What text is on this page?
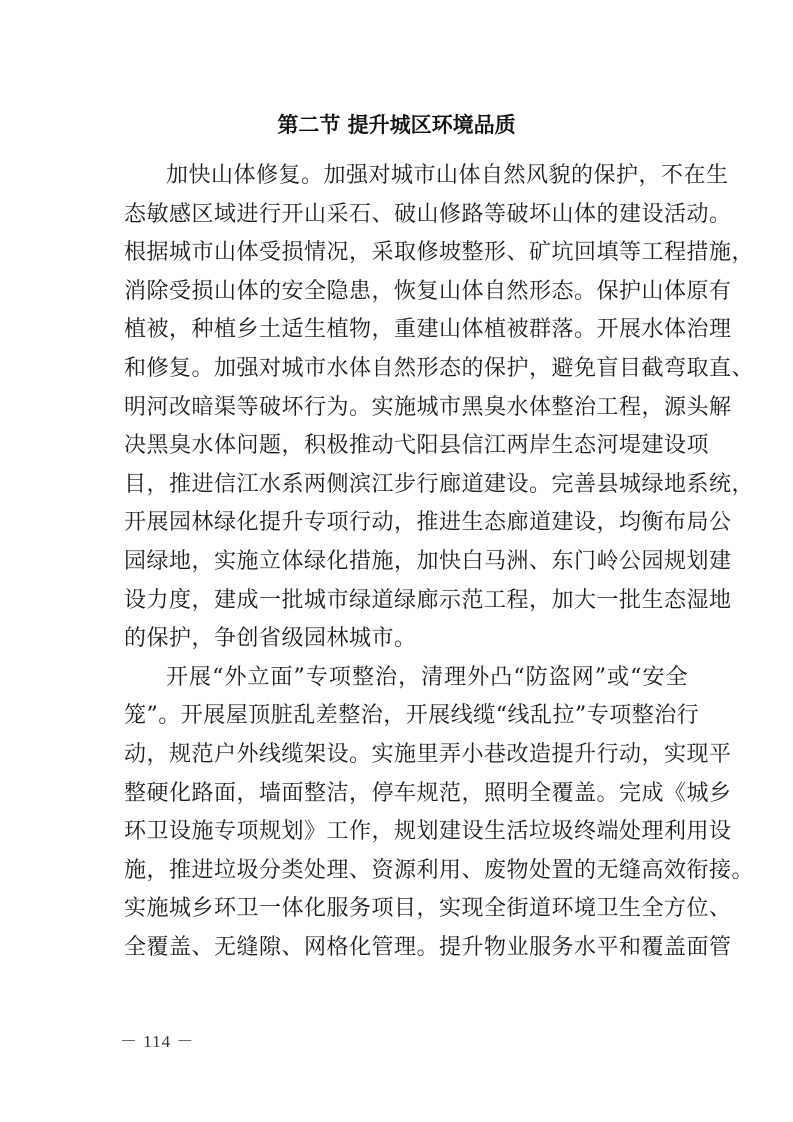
第二节 提升城区环境品质
加快山体修复。加强对城市山体自然风貌的保护，不在生
态敏感区域进行开山采石、破山修路等破坏山体的建设活动。
根据城市山体受损情况，采取修坡整形、矿坑回填等工程措施，
消除受损山体的安全隐患，恢复山体自然形态。保护山体原有
植被，种植乡土适生植物，重建山体植被群落。开展水体治理
和修复。加强对城市水体自然形态的保护，避免盲目截弯取直、
明河改暗渠等破坏行为。实施城市黑臭水体整治工程，源头解
决黑臭水体问题，积极推动弋阳县信江两岸生态河堤建设项
目，推进信江水系两侧滨江步行廊道建设。完善县城绿地系统，
开展园林绿化提升专项行动，推进生态廊道建设，均衡布局公
园绿地，实施立体绿化措施，加快白马洲、东门岭公园规划建
设力度，建成一批城市绿道绿廊示范工程，加大一批生态湿地
的保护，争创省级园林城市。
开展“外立面”专项整治，清理外凸“防盗网”或“安全
笼”。开展屋顶脏乱差整治，开展线缆“线乱拉”专项整治行
动，规范户外线缆架设。实施里弄小巷改造提升行动，实现平
整硬化路面，墙面整洁，停车规范，照明全覆盖。完成《城乡
环卫设施专项规划》工作，规划建设生活垃圾终端处理利用设
施，推进垃圾分类处理、资源利用、废物处置的无缝高效衔接。
实施城乡环卫一体化服务项目，实现全街道环境卫生全方位、
全覆盖、无缝隙、网格化管理。提升物业服务水平和覆盖面管
－ 114 －
